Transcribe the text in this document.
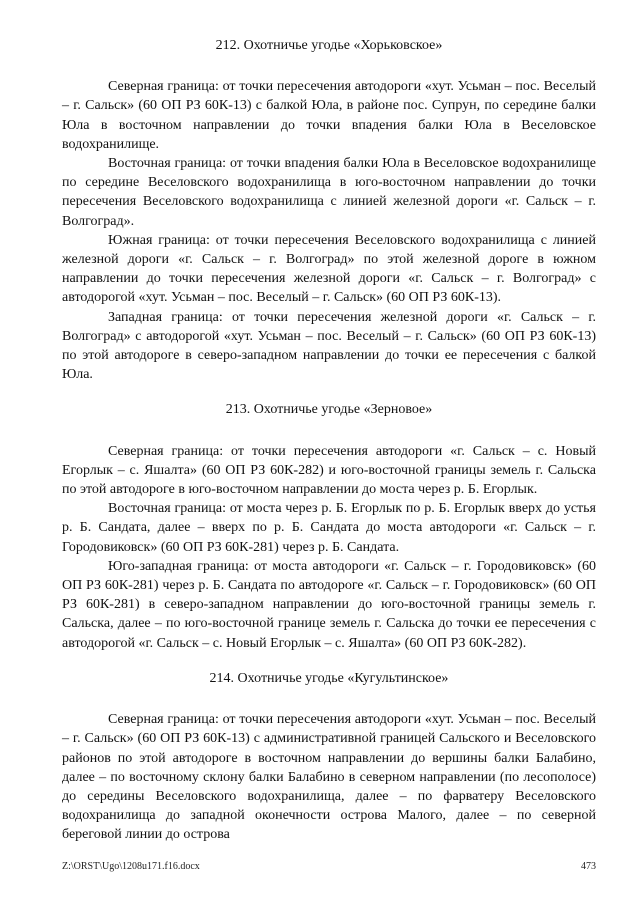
212. Охотничье угодье «Хорьковское»

Северная граница: от точки пересечения автодороги «хут. Усьман – пос. Веселый – г. Сальск» (60 ОП РЗ 60К-13) с балкой Юла, в районе пос. Супрун, по середине балки Юла в восточном направлении до точки впадения балки Юла в Веселовское водохранилище.

Восточная граница: от точки впадения балки Юла в Веселовское водохранилище по середине Веселовского водохранилища в юго-восточном направлении до точки пересечения Веселовского водохранилища с линией железной дороги «г. Сальск – г. Волгоград».

Южная граница: от точки пересечения Веселовского водохранилища с линией железной дороги «г. Сальск – г. Волгоград» по этой железной дороге в южном направлении до точки пересечения железной дороги «г. Сальск – г. Волгоград» с автодорогой «хут. Усьман – пос. Веселый – г. Сальск» (60 ОП РЗ 60К-13).

Западная граница: от точки пересечения железной дороги «г. Сальск – г. Волгоград» с автодорогой «хут. Усьман – пос. Веселый – г. Сальск» (60 ОП РЗ 60К-13) по этой автодороге в северо-западном направлении до точки ее пересечения с балкой Юла.

213. Охотничье угодье «Зерновое»

Северная граница: от точки пересечения автодороги «г. Сальск – с. Новый Егорлык – с. Яшалта» (60 ОП РЗ 60К-282) и юго-восточной границы земель г. Сальска по этой автодороге в юго-восточном направлении до моста через р. Б. Егорлык.

Восточная граница: от моста через р. Б. Егорлык по р. Б. Егорлык вверх до устья р. Б. Сандата, далее – вверх по р. Б. Сандата до моста автодороги «г. Сальск – г. Городовиковск» (60 ОП РЗ 60К-281) через р. Б. Сандата.

Юго-западная граница: от моста автодороги «г. Сальск – г. Городовиковск» (60 ОП РЗ 60К-281) через р. Б. Сандата по автодороге «г. Сальск – г. Городовиковск» (60 ОП РЗ 60К-281) в северо-западном направлении до юго-восточной границы земель г. Сальска, далее – по юго-восточной границе земель г. Сальска до точки ее пересечения с автодорогой «г. Сальск – с. Новый Егорлык – с. Яшалта» (60 ОП РЗ 60К-282).

214. Охотничье угодье «Кугультинское»

Северная граница: от точки пересечения автодороги «хут. Усьман – пос. Веселый – г. Сальск» (60 ОП РЗ 60К-13) с административной границей Сальского и Веселовского районов по этой автодороге в восточном направлении до вершины балки Балабино, далее – по восточному склону балки Балабино в северном направлении (по лесополосе) до середины Веселовского водохранилища, далее – по фарватеру Веселовского водохранилища до западной оконечности острова Малого, далее – по северной береговой линии до острова

Z:\ORST\Ugo\1208u171.f16.docx	473
